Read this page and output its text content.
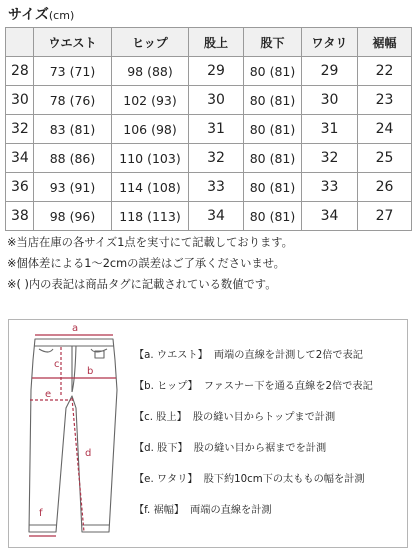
サイズ(cm)
	ウエスト	ヒップ	股上	股下	ワタリ	裾幅
28	73 (71)	98 (88)	29	80 (81)	29	22
30	78 (76)	102 (93)	30	80 (81)	30	23
32	83 (81)	106 (98)	31	80 (81)	31	24
34	88 (86)	110 (103)	32	80 (81)	32	25
36	93 (91)	114 (108)	33	80 (81)	33	26
38	98 (96)	118 (113)	34	80 (81)	34	27
※当店在庫の各サイズ1点を実寸にて記載しております。
※個体差による1〜2cmの誤差はご了承くださいませ。
※( )内の表記は商品タグに記載されている数値です。
a
b
c
d
e
f
【a. ウエスト】 両端の直線を計測して2倍で表記
【b. ヒップ】 ファスナー下を通る直線を2倍で表記
【c. 股上】 股の縫い目からトップまで計測
【d. 股下】 股の縫い目から裾までを計測
【e. ワタリ】 股下約10cm下の太ももの幅を計測
【f. 裾幅】 両端の直線を計測
